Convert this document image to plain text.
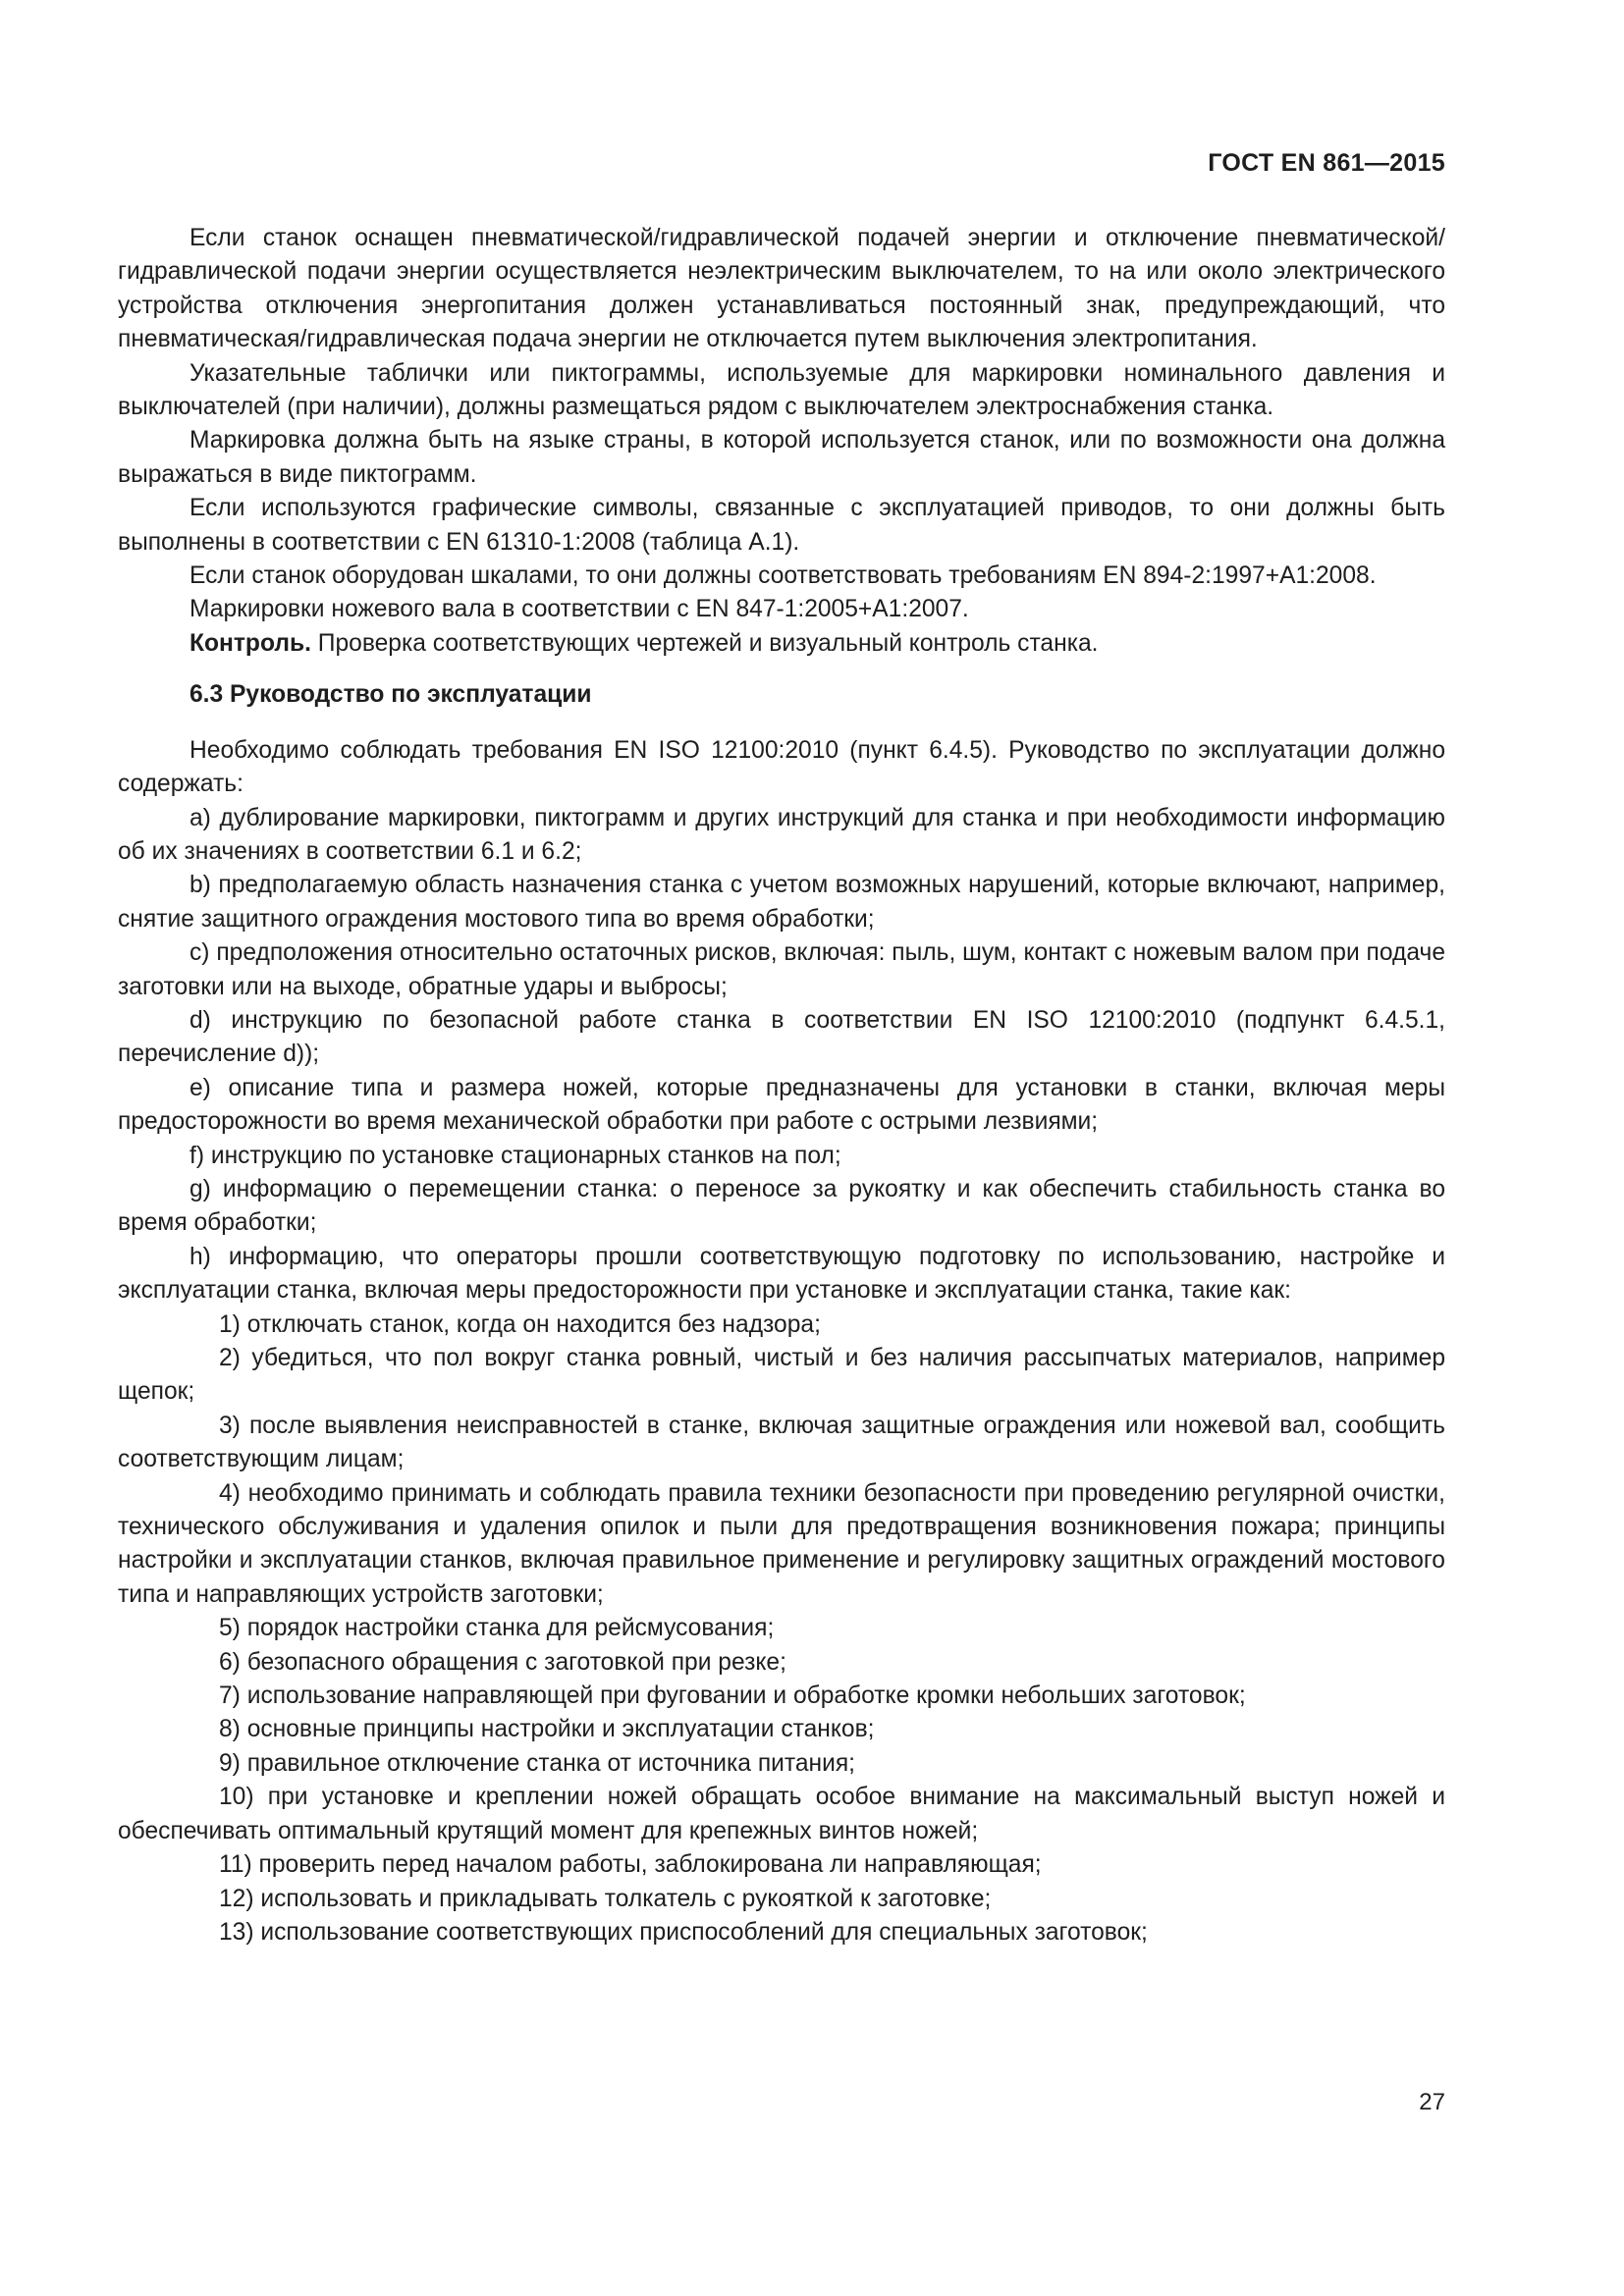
ГОСТ EN 861—2015

Если станок оснащен пневматической/гидравлической подачей энергии и отключение пневматической/гидравлической подачи энергии осуществляется неэлектрическим выключателем, то на или около электрического устройства отключения энергопитания должен устанавливаться постоянный знак, предупреждающий, что пневматическая/гидравлическая подача энергии не отключается путем выключения электропитания.

Указательные таблички или пиктограммы, используемые для маркировки номинального давления и выключателей (при наличии), должны размещаться рядом с выключателем электроснабжения станка.

Маркировка должна быть на языке страны, в которой используется станок, или по возможности она должна выражаться в виде пиктограмм.

Если используются графические символы, связанные с эксплуатацией приводов, то они должны быть выполнены в соответствии с EN 61310-1:2008 (таблица А.1).

Если станок оборудован шкалами, то они должны соответствовать требованиям EN 894-2:1997+A1:2008.

Маркировки ножевого вала в соответствии с EN 847-1:2005+A1:2007.

Контроль. Проверка соответствующих чертежей и визуальный контроль станка.

6.3 Руководство по эксплуатации

Необходимо соблюдать требования EN ISO 12100:2010 (пункт 6.4.5). Руководство по эксплуатации должно содержать:

a) дублирование маркировки, пиктограмм и других инструкций для станка и при необходимости информацию об их значениях в соответствии 6.1 и 6.2;

b) предполагаемую область назначения станка с учетом возможных нарушений, которые включают, например, снятие защитного ограждения мостового типа во время обработки;

c) предположения относительно остаточных рисков, включая: пыль, шум, контакт с ножевым валом при подаче заготовки или на выходе, обратные удары и выбросы;

d) инструкцию по безопасной работе станка в соответствии EN ISO 12100:2010 (подпункт 6.4.5.1, перечисление d));

e) описание типа и размера ножей, которые предназначены для установки в станки, включая меры предосторожности во время механической обработки при работе с острыми лезвиями;

f) инструкцию по установке стационарных станков на пол;

g) информацию о перемещении станка: о переносе за рукоятку и как обеспечить стабильность станка во время обработки;

h) информацию, что операторы прошли соответствующую подготовку по использованию, настройке и эксплуатации станка, включая меры предосторожности при установке и эксплуатации станка, такие как:

1) отключать станок, когда он находится без надзора;

2) убедиться, что пол вокруг станка ровный, чистый и без наличия рассыпчатых материалов, например щепок;

3) после выявления неисправностей в станке, включая защитные ограждения или ножевой вал, сообщить соответствующим лицам;

4) необходимо принимать и соблюдать правила техники безопасности при проведению регулярной очистки, технического обслуживания и удаления опилок и пыли для предотвращения возникновения пожара; принципы настройки и эксплуатации станков, включая правильное применение и регулировку защитных ограждений мостового типа и направляющих устройств заготовки;

5) порядок настройки станка для рейсмусования;

6) безопасного обращения с заготовкой при резке;

7) использование направляющей при фуговании и обработке кромки небольших заготовок;

8) основные принципы настройки и эксплуатации станков;

9) правильное отключение станка от источника питания;

10) при установке и креплении ножей обращать особое внимание на максимальный выступ ножей и обеспечивать оптимальный крутящий момент для крепежных винтов ножей;

11) проверить перед началом работы, заблокирована ли направляющая;

12) использовать и прикладывать толкатель с рукояткой к заготовке;

13) использование соответствующих приспособлений для специальных заготовок;

27
